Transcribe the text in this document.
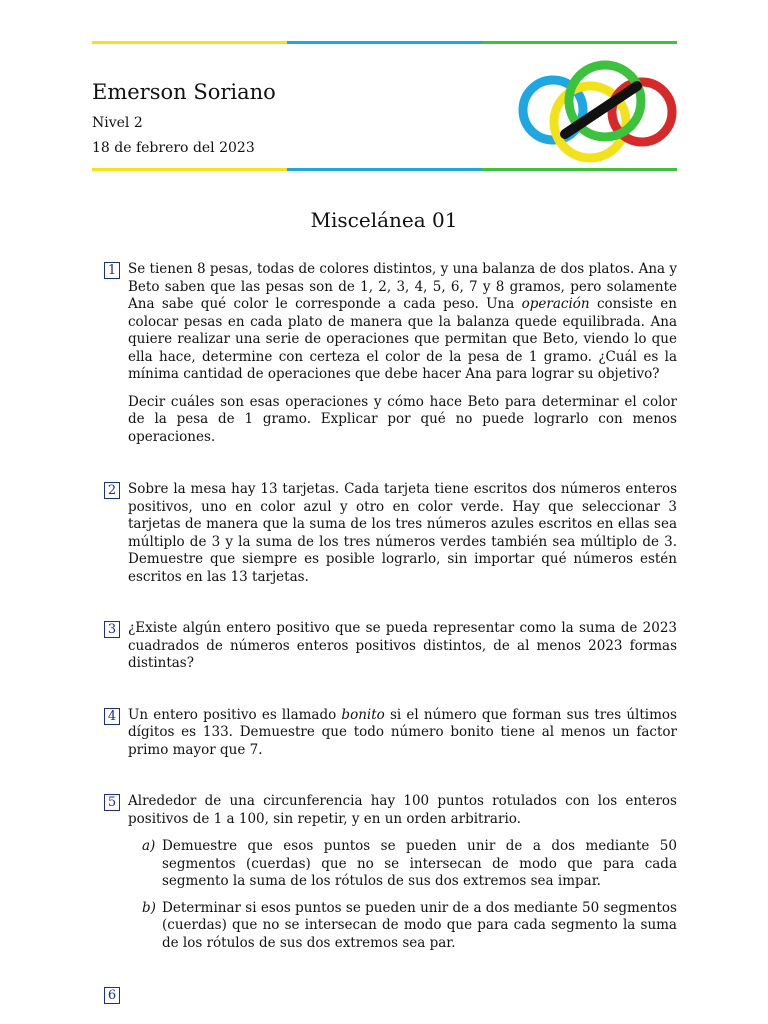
Emerson Soriano
Nivel 2
18 de febrero del 2023
Miscelánea 01
1 Se tienen 8 pesas, todas de colores distintos, y una balanza de dos platos. Ana y Beto saben que las pesas son de 1, 2, 3, 4, 5, 6, 7 y 8 gramos, pero solamente Ana sabe qué color le corresponde a cada peso. Una operación consiste en colocar pesas en cada plato de manera que la balanza quede equilibrada. Ana quiere realizar una serie de operaciones que permitan que Beto, viendo lo que ella hace, determine con certeza el color de la pesa de 1 gramo. ¿Cuál es la mínima cantidad de operaciones que debe hacer Ana para lograr su objetivo?

Decir cuáles son esas operaciones y cómo hace Beto para determinar el color de la pesa de 1 gramo. Explicar por qué no puede lograrlo con menos operaciones.

2 Sobre la mesa hay 13 tarjetas. Cada tarjeta tiene escritos dos números enteros positivos, uno en color azul y otro en color verde. Hay que seleccionar 3 tarjetas de manera que la suma de los tres números azules escritos en ellas sea múltiplo de 3 y la suma de los tres números verdes también sea múltiplo de 3. Demuestre que siempre es posible lograrlo, sin importar qué números estén escritos en las 13 tarjetas.

3 ¿Existe algún entero positivo que se pueda representar como la suma de 2023 cuadrados de números enteros positivos distintos, de al menos 2023 formas distintas?

4 Un entero positivo es llamado bonito si el número que forman sus tres últimos dígitos es 133. Demuestre que todo número bonito tiene al menos un factor primo mayor que 7.

5 Alrededor de una circunferencia hay 100 puntos rotulados con los enteros positivos de 1 a 100, sin repetir, y en un orden arbitrario.

a) Demuestre que esos puntos se pueden unir de a dos mediante 50 segmentos (cuerdas) que no se intersecan de modo que para cada segmento la suma de los rótulos de sus dos extremos sea impar.
b) Determinar si esos puntos se pueden unir de a dos mediante 50 segmentos (cuerdas) que no se intersecan de modo que para cada segmento la suma de los rótulos de sus dos extremos sea par.
6
